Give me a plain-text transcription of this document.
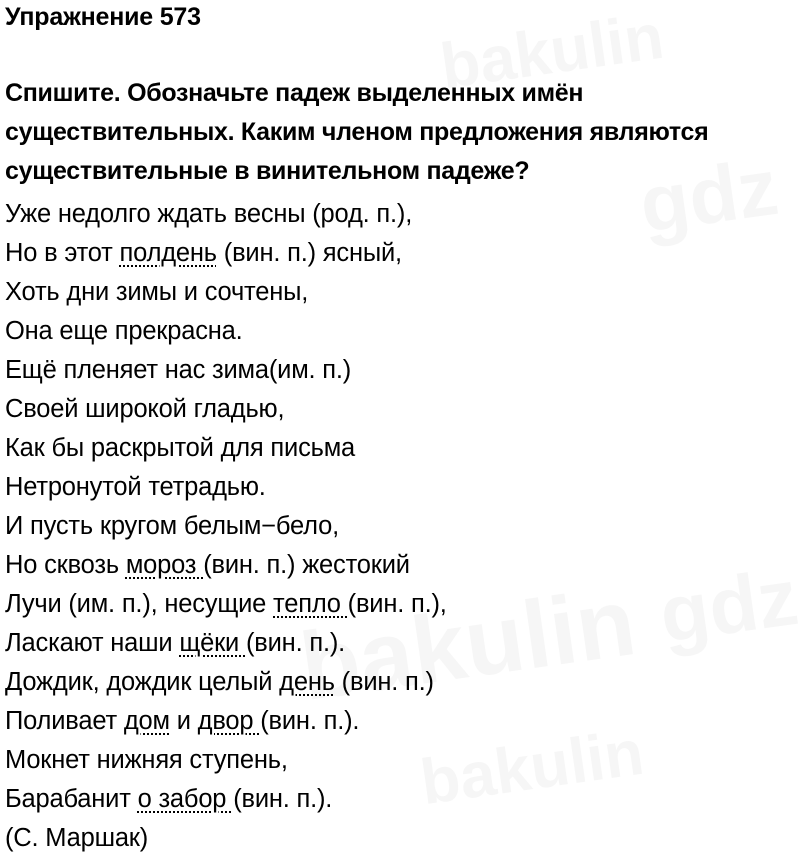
Упражнение 573
Спишите. Обозначьте падеж выделенных имён
существительных. Каким членом предложения являются
существительные в винительном падеже?
Уже недолго ждать весны (род. п.),
Но в этот полдень (вин. п.) ясный,
Хоть дни зимы и сочтены,
Она еще прекрасна.
Ещё пленяет нас зима(им. п.)
Своей широкой гладью,
Как бы раскрытой для письма
Нетронутой тетрадью.
И пусть кругом белым−бело,
Но сквозь мороз (вин. п.) жестокий
Лучи (им. п.), несущие тепло (вин. п.),
Ласкают наши щёки (вин. п.).
Дождик, дождик целый день (вин. п.)
Поливает дом и двор (вин. п.).
Мокнет нижняя ступень,
Барабанит о забор (вин. п.).
(С. Маршак)
